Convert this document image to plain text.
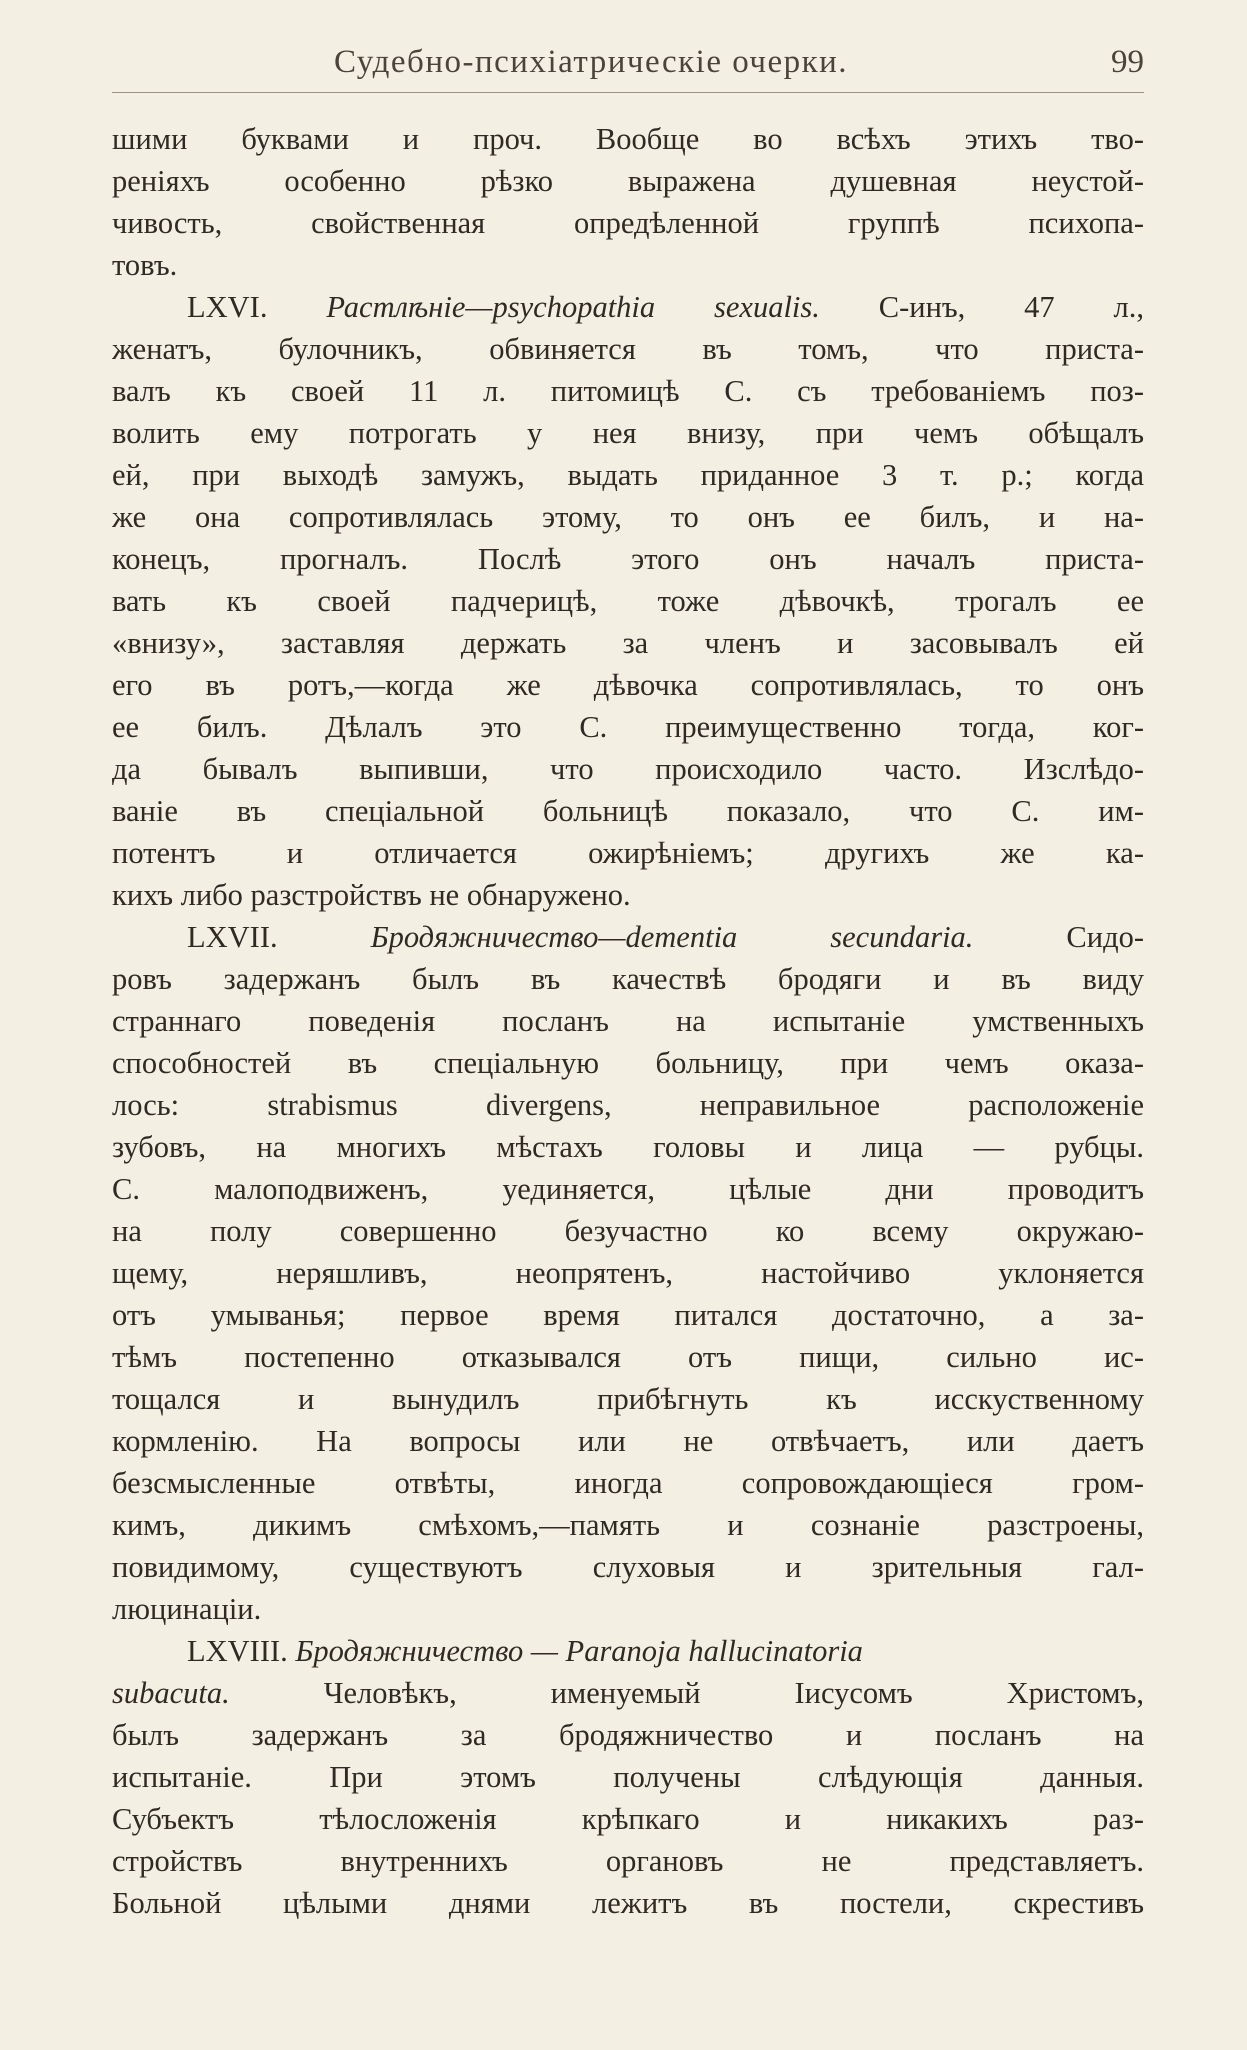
Судебно-психіатрическіе очерки.	99
шими буквами и проч. Вообще во всѣхъ этихъ тво-
реніяхъ особенно рѣзко выражена душевная неустой-
чивость, свойственная опредѣленной группѣ психопа-
товъ.
LXVI. Растлѣніе—psychopathia sexualis. С-инъ, 47 л.,
женатъ, булочникъ, обвиняется въ томъ, что приста-
валъ къ своей 11 л. питомицѣ С. съ требованіемъ поз-
волить ему потрогать у нея внизу, при чемъ обѣщалъ
ей, при выходѣ замужъ, выдать приданное 3 т. р.; когда
же она сопротивлялась этому, то онъ ее билъ, и на-
конецъ, прогналъ. Послѣ этого онъ началъ приста-
вать къ своей падчерицѣ, тоже дѣвочкѣ, трогалъ ее
«внизу», заставляя держать за членъ и засовывалъ ей
его въ ротъ,—когда же дѣвочка сопротивлялась, то онъ
ее билъ. Дѣлалъ это С. преимущественно тогда, ког-
да бывалъ выпивши, что происходило часто. Изслѣдо-
ваніе въ спеціальной больницѣ показало, что С. им-
потентъ и отличается ожирѣніемъ; другихъ же ка-
кихъ либо разстройствъ не обнаружено.
LXVII.	Бродяжничество—dementia secundaria.	Сидо-
ровъ задержанъ былъ въ качествѣ бродяги и въ виду
страннаго поведенія посланъ на испытаніе умственныхъ
способностей въ спеціальную больницу, при чемъ оказа-
лось: strabismus divergens, неправильное расположеніе
зубовъ, на многихъ мѣстахъ головы и лица — рубцы.
С. малоподвиженъ, уединяется, цѣлые дни проводитъ
на полу совершенно безучастно ко всему окружаю-
щему, неряшливъ, неопрятенъ, настойчиво уклоняется
отъ умыванья; первое время питался достаточно, а за-
тѣмъ постепенно отказывался отъ пищи, сильно ис-
тощался и вынудилъ прибѣгнуть къ исскуственному
кормленію. На вопросы или не отвѣчаетъ, или даетъ
безсмысленные отвѣты, иногда сопровождающіеся гром-
кимъ, дикимъ смѣхомъ,—память и сознаніе разстроены,
повидимому, существуютъ слуховыя и зрительныя гал-
люцинаціи.
LXVIII. Бродяжничество — Paranoja hallucinatoria
subacuta.	Человѣкъ, именуемый Іисусомъ Христомъ,
былъ задержанъ за бродяжничество и посланъ на
испытаніе. При этомъ получены слѣдующія данныя.
Субъектъ тѣлосложенія крѣпкаго и никакихъ раз-
стройствъ внутреннихъ органовъ не представляетъ.
Больной цѣлыми днями лежитъ въ постели, скрестивъ
